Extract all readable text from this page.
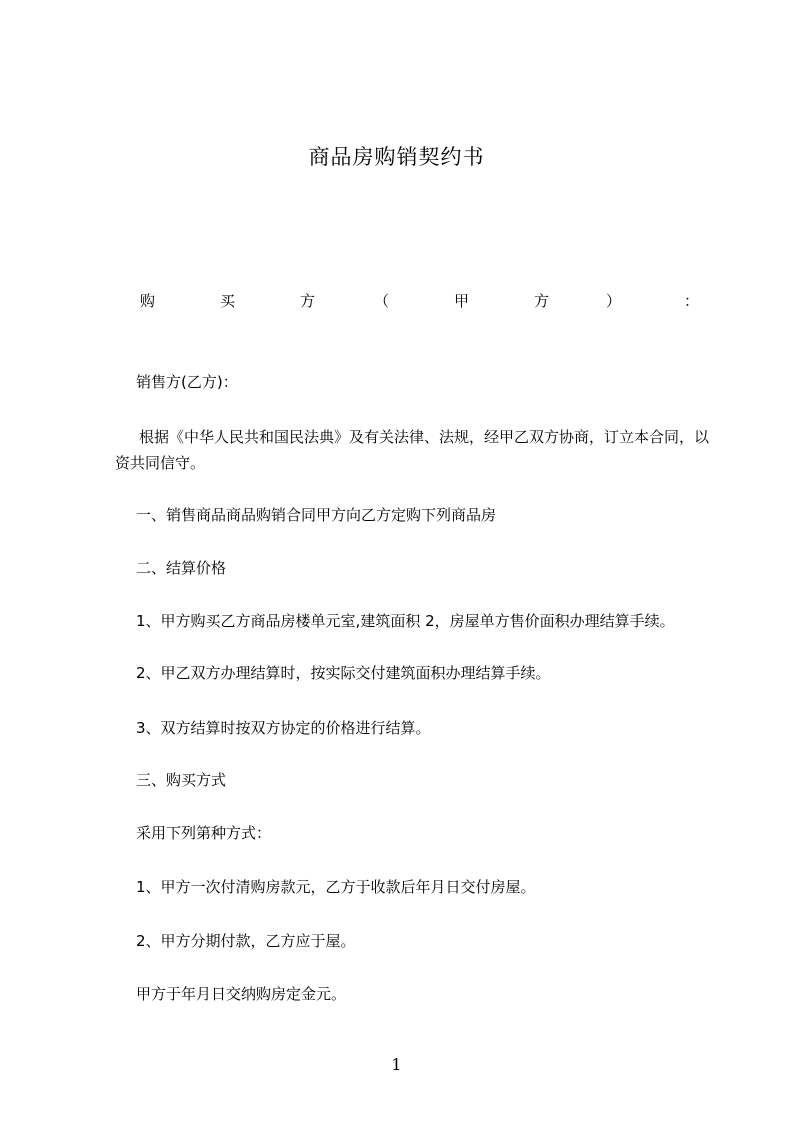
商品房购销契约书
购	买	方	（	甲	方	）	：
销售方(乙方)：
根据《中华人民共和国民法典》及有关法律、法规，经甲乙双方协商，订立本合同，以资共同信守。
一、销售商品商品购销合同甲方向乙方定购下列商品房
二、结算价格
1、甲方购买乙方商品房楼单元室,建筑面积 2，房屋单方售价面积办理结算手续。
2、甲乙双方办理结算时，按实际交付建筑面积办理结算手续。
3、双方结算时按双方协定的价格进行结算。
三、购买方式
采用下列第种方式：
1、甲方一次付清购房款元，乙方于收款后年月日交付房屋。
2、甲方分期付款，乙方应于屋。
甲方于年月日交纳购房定金元。
1
